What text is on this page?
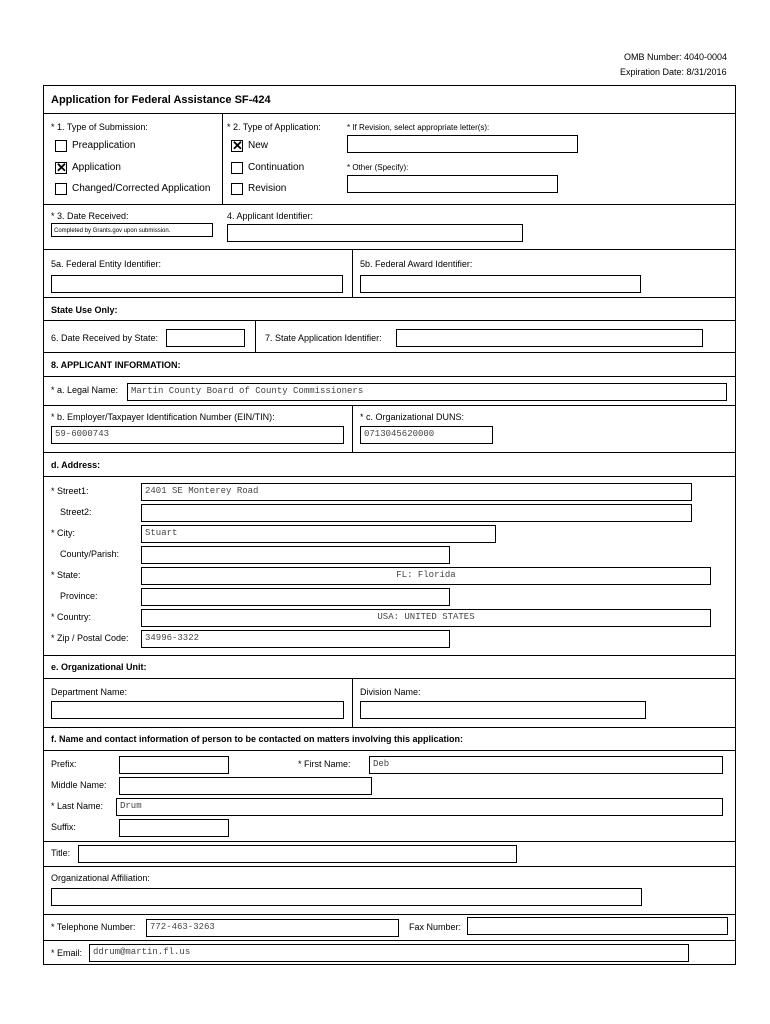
OMB Number: 4040-0004
Expiration Date: 8/31/2016
Application for Federal Assistance SF-424
* 1. Type of Submission:
Preapplication
✕ Application
Changed/Corrected Application
* 2. Type of Application:
✕ New
Continuation
Revision
* If Revision, select appropriate letter(s):
* Other (Specify):
* 3. Date Received:
Completed by Grants.gov upon submission.
4. Applicant Identifier:
5a. Federal Entity Identifier:	5b. Federal Award Identifier:
State Use Only:
6. Date Received by State:	7. State Application Identifier:
8. APPLICANT INFORMATION:
* a. Legal Name: Martin County Board of County Commissioners
* b. Employer/Taxpayer Identification Number (EIN/TIN):
59-6000743
* c. Organizational DUNS:
0713045620000
d. Address:
* Street1:	2401 SE Monterey Road
Street2:
* City:	Stuart
County/Parish:
* State:	FL: Florida
Province:
* Country:	USA: UNITED STATES
* Zip / Postal Code: 34996-3322
e. Organizational Unit:
Department Name:	Division Name:
f. Name and contact information of person to be contacted on matters involving this application:
Prefix:	* First Name: Deb
Middle Name:
* Last Name: Drum
Suffix:
Title:
Organizational Affiliation:
* Telephone Number: 772-463-3263	Fax Number:
* Email: ddrum@martin.fl.us
